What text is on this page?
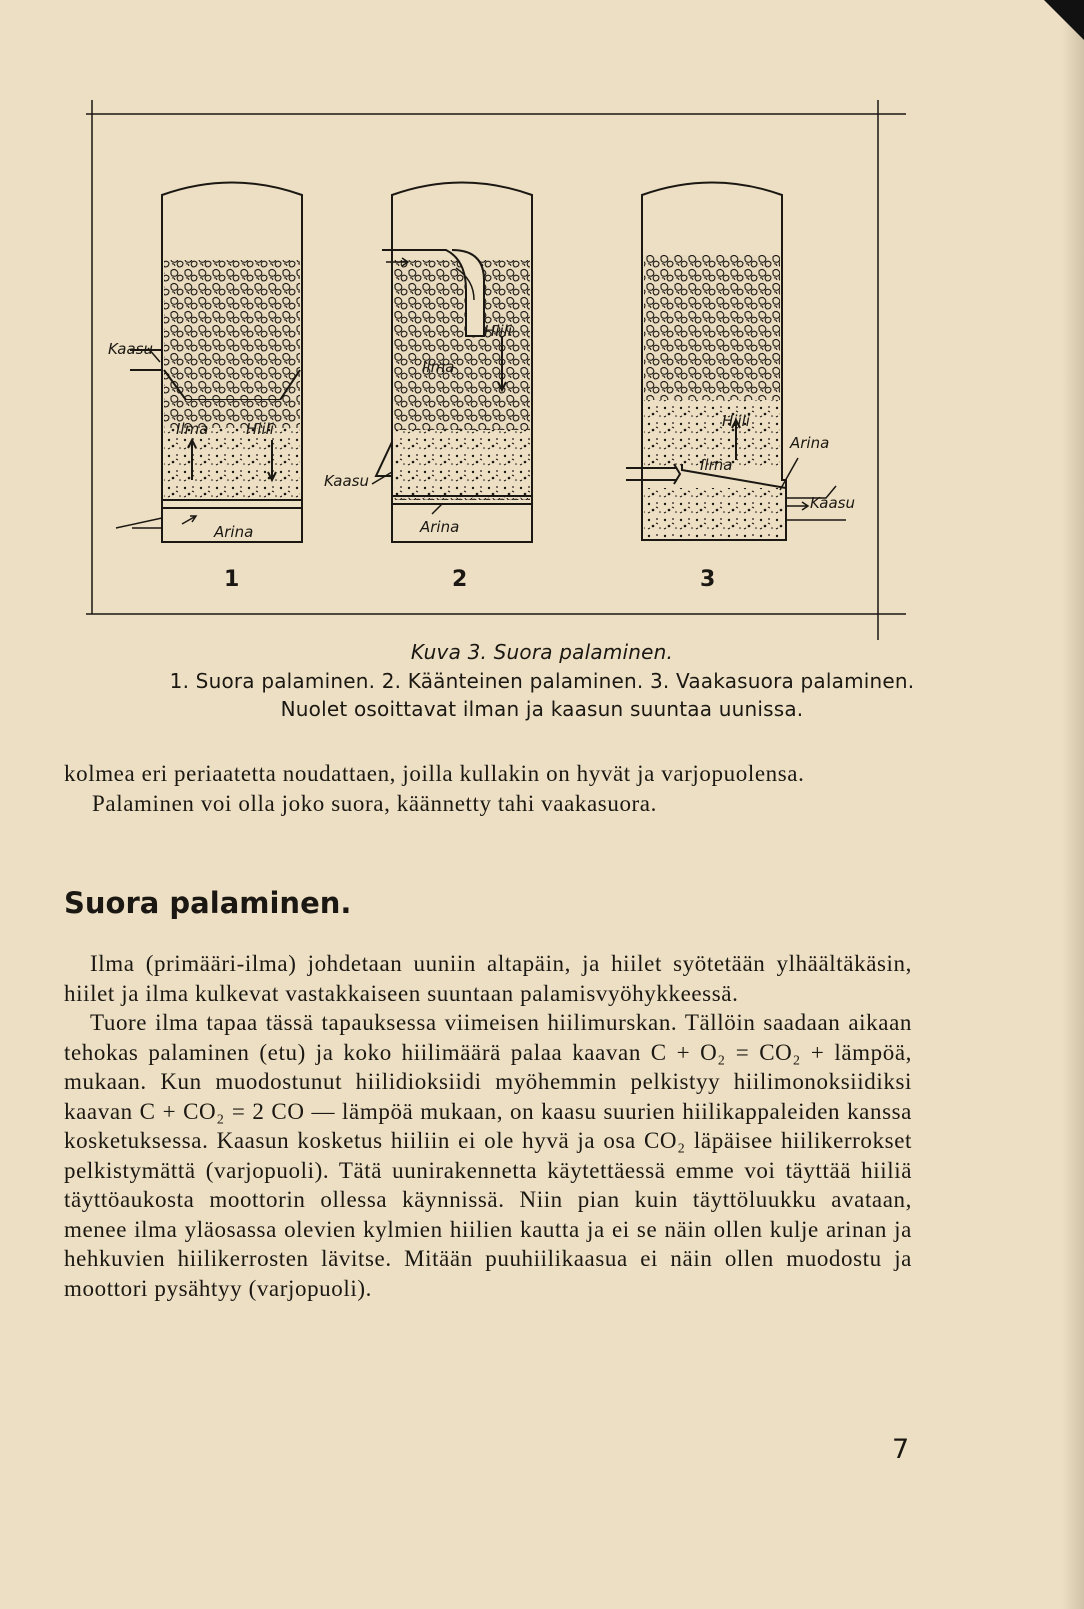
Kaasu
Ilma	Hiili
Arina
1
Hiili
Ilma
Kaasu
Arina
2
Hiili
Ilma
Arina
Kaasu
3
Kuva 3. Suora palaminen.
1. Suora palaminen. 2. Käänteinen palaminen. 3. Vaakasuora palaminen.
Nuolet osoittavat ilman ja kaasun suuntaa uunissa.

kolmea eri periaatetta noudattaen, joilla kullakin on hyvät ja varjopuolensa.

Palaminen voi olla joko suora, käännetty tahi vaakasuora.

Suora palaminen.

Ilma (primääri-ilma) johdetaan uuniin altapäin, ja hiilet syötetään ylhäältäkäsin, hiilet ja ilma kulkevat vastakkaiseen suuntaan palamisvyöhykkeessä.

Tuore ilma tapaa tässä tapauksessa viimeisen hiilimurskan. Tällöin saadaan aikaan tehokas palaminen (etu) ja koko hiilimäärä palaa kaavan C + O₂ = CO₂ + lämpöä, mukaan. Kun muodostunut hiilidioksiidi myöhemmin pelkistyy hiilimonoksiidiksi kaavan C + CO₂ = 2 CO — lämpöä mukaan, on kaasu suurien hiilikappaleiden kanssa kosketuksessa. Kaasun kosketus hiiliin ei ole hyvä ja osa CO₂ läpäisee hiilikerrokset pelkistymättä (varjopuoli). Tätä uunirakennetta käytettäessä emme voi täyttää hiiliä täyttöaukosta moottorin ollessa käynnissä. Niin pian kuin täyttöluukku avataan, menee ilma yläosassa olevien kylmien hiilien kautta ja ei se näin ollen kulje arinan ja hehkuvien hiilikerrosten lävitse. Mitään puuhiilikaasua ei näin ollen muodostu ja moottori pysähtyy (varjopuoli).

7
